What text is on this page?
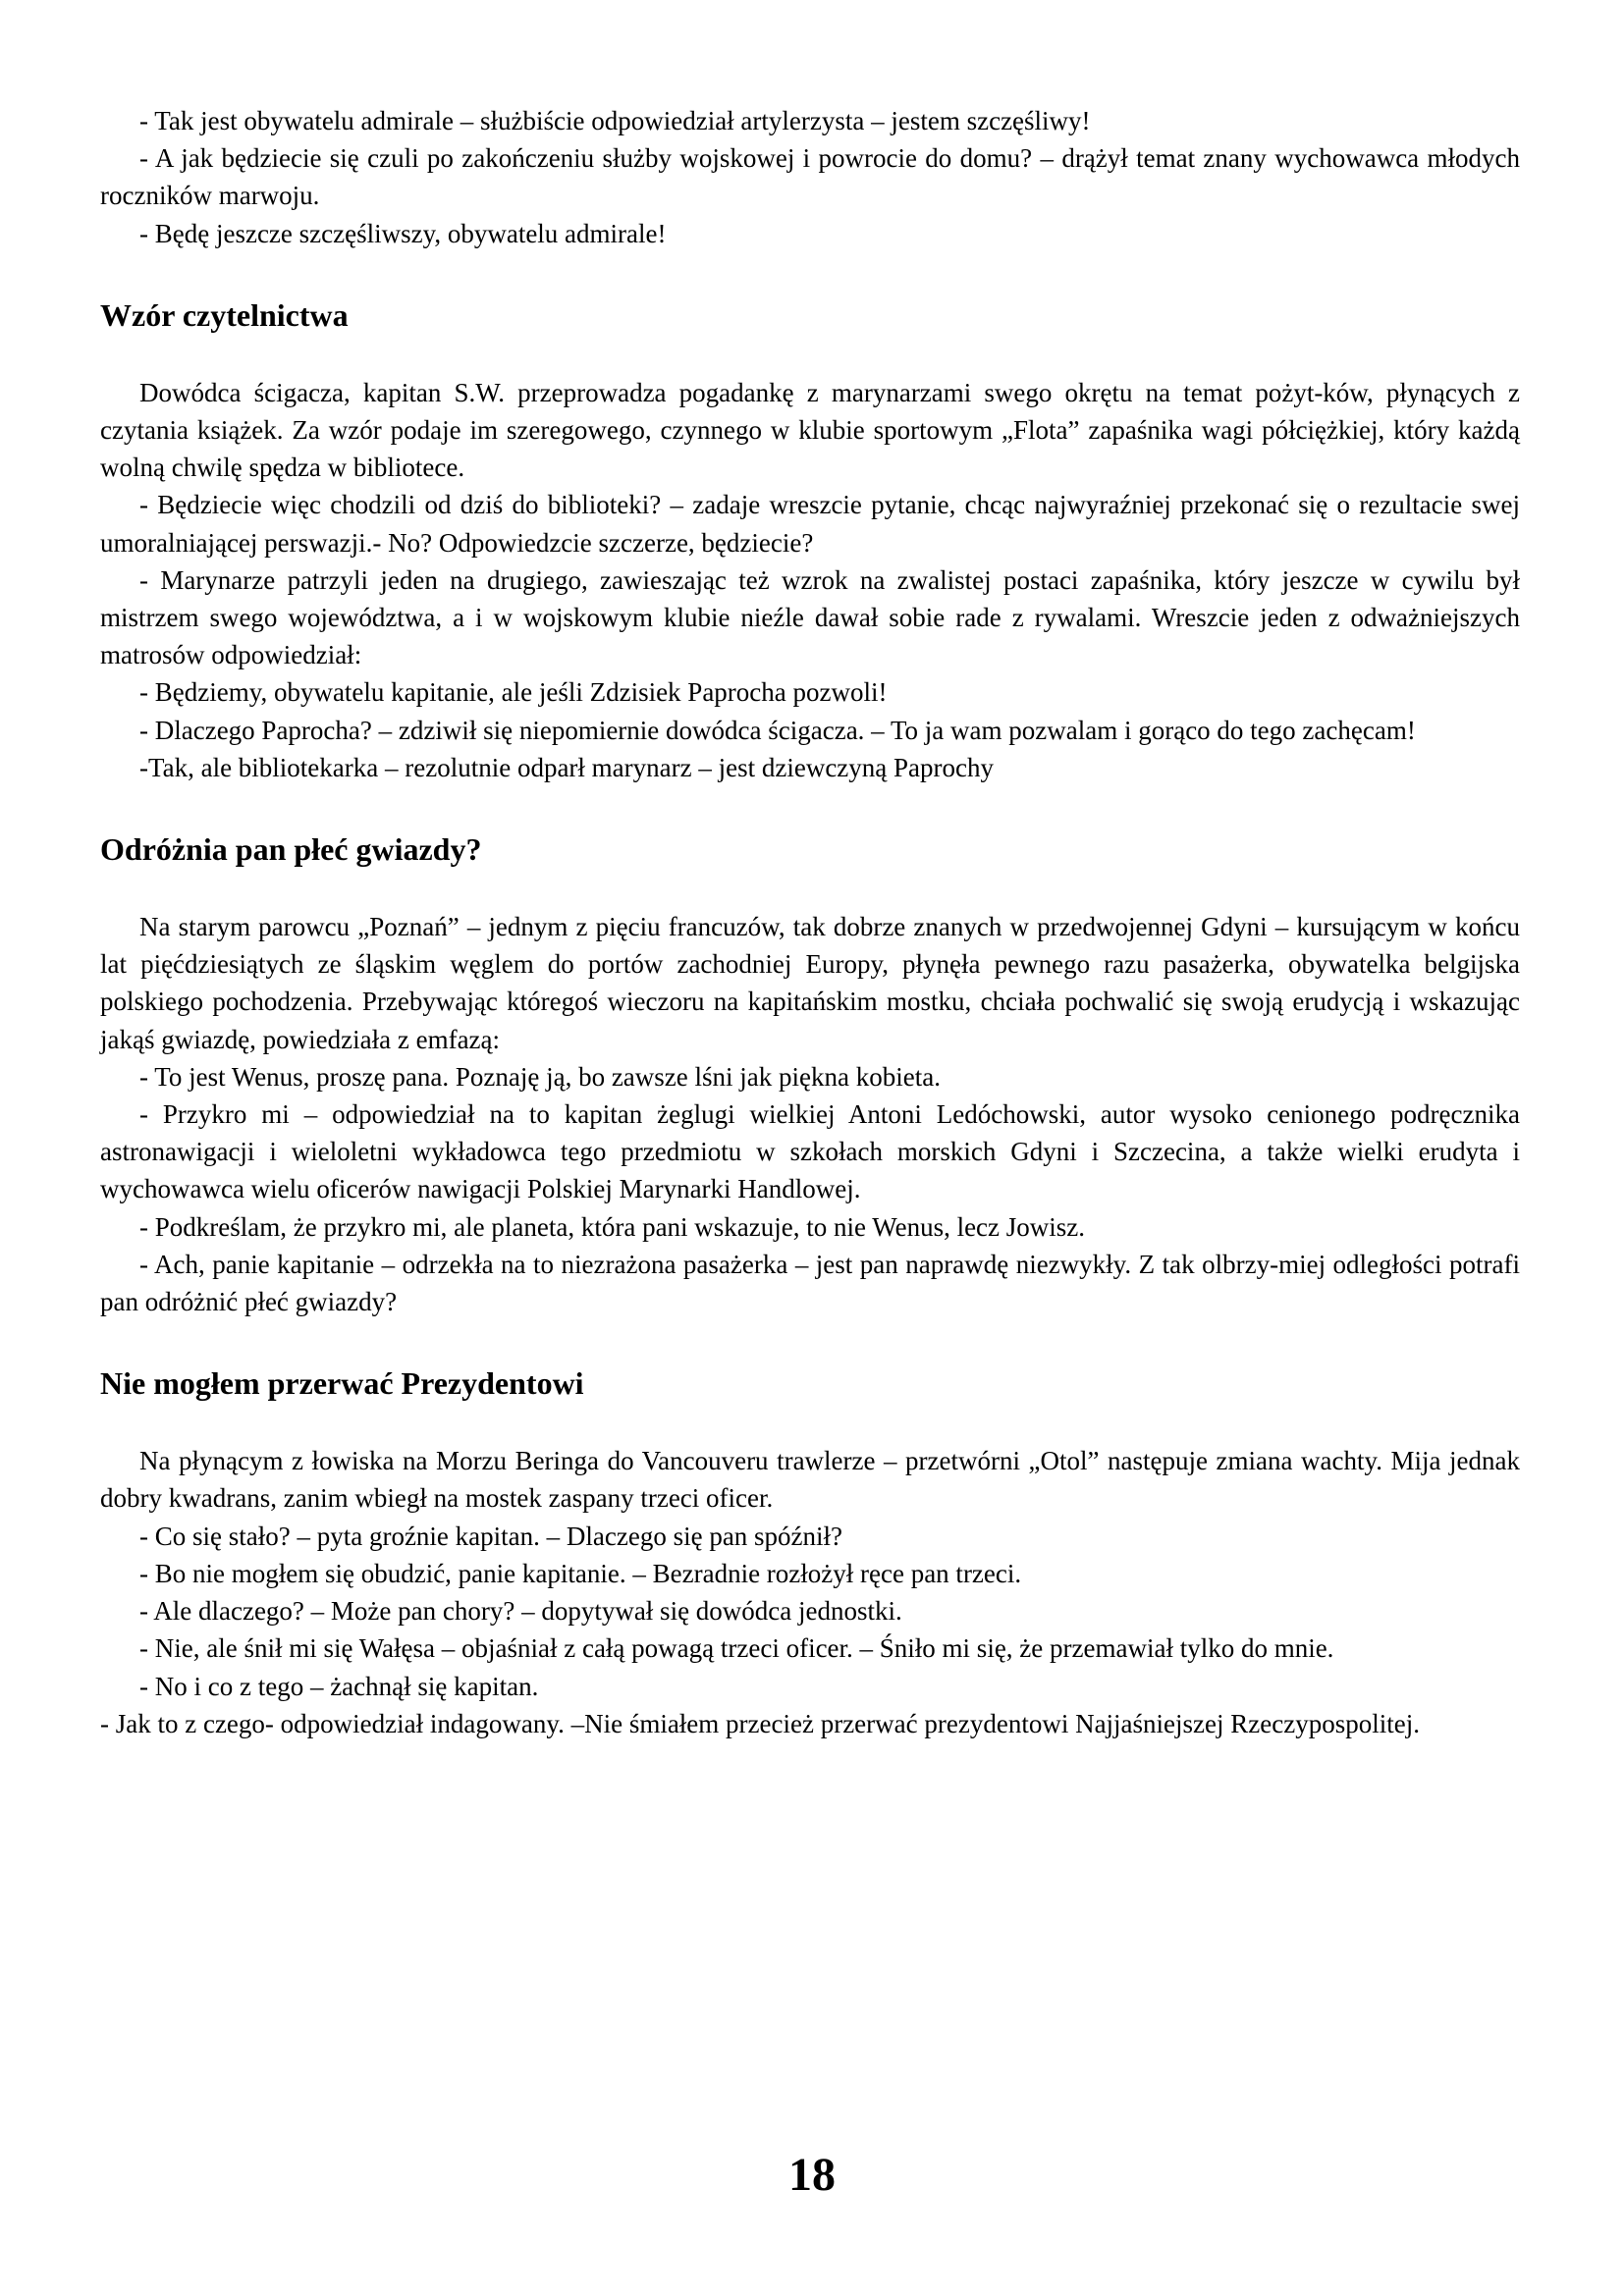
- Tak jest obywatelu admirale – służbiście odpowiedział artylerzysta – jestem szczęśliwy!

- A jak będziecie się czuli po zakończeniu służby wojskowej i powrocie do domu? – drążył temat znany wychowawca młodych roczników marwoju.

- Będę jeszcze szczęśliwszy, obywatelu admirale!

Wzór czytelnictwa

Dowódca ścigacza, kapitan S.W. przeprowadza pogadankę z marynarzami swego okrętu na temat pożyt-ków, płynących z czytania książek. Za wzór podaje im szeregowego, czynnego w klubie sportowym „Flota” zapaśnika wagi półciężkiej, który każdą wolną chwilę spędza w bibliotece.

- Będziecie więc chodzili od dziś do biblioteki? – zadaje wreszcie pytanie, chcąc najwyraźniej przekonać się o rezultacie swej umoralniającej perswazji.- No? Odpowiedzcie szczerze, będziecie?

- Marynarze patrzyli jeden na drugiego, zawieszając też wzrok na zwalistej postaci zapaśnika, który jeszcze w cywilu był mistrzem swego województwa, a i w wojskowym klubie nieźle dawał sobie rade z rywalami. Wreszcie jeden z odważniejszych matrosów odpowiedział:

- Będziemy, obywatelu kapitanie, ale jeśli Zdzisiek Paprocha pozwoli!

- Dlaczego Paprocha? – zdziwił się niepomiernie dowódca ścigacza. – To ja wam pozwalam i gorąco do tego zachęcam!

-Tak, ale bibliotekarka – rezolutnie odparł marynarz – jest dziewczyną Paprochy

Odróżnia pan płeć gwiazdy?

Na starym parowcu „Poznań” – jednym z pięciu francuzów, tak dobrze znanych w przedwojennej Gdyni – kursującym w końcu lat pięćdziesiątych ze śląskim węglem do portów zachodniej Europy, płynęła pewnego razu pasażerka, obywatelka belgijska polskiego pochodzenia. Przebywając któregoś wieczoru na kapitańskim mostku, chciała pochwalić się swoją erudycją i wskazując jakąś gwiazdę, powiedziała z emfazą:

- To jest Wenus, proszę pana. Poznaję ją, bo zawsze lśni jak piękna kobieta.

- Przykro mi – odpowiedział na to kapitan żeglugi wielkiej Antoni Ledóchowski, autor wysoko cenionego podręcznika astronawigacji i wieloletni wykładowca tego przedmiotu w szkołach morskich Gdyni i Szczecina, a także wielki erudyta i wychowawca wielu oficerów nawigacji Polskiej Marynarki Handlowej.

- Podkreślam, że przykro mi, ale planeta, która pani wskazuje, to nie Wenus, lecz Jowisz.

- Ach, panie kapitanie – odrzekła na to niezrażona pasażerka – jest pan naprawdę niezwykły. Z tak olbrzy-miej odległości potrafi pan odróżnić płeć gwiazdy?

Nie mogłem przerwać Prezydentowi

Na płynącym z łowiska na Morzu Beringa do Vancouveru trawlerze – przetwórni „Otol” następuje zmiana wachty. Mija jednak dobry kwadrans, zanim wbiegł na mostek zaspany trzeci oficer.

- Co się stało? – pyta groźnie kapitan. – Dlaczego się pan spóźnił?

- Bo nie mogłem się obudzić, panie kapitanie. – Bezradnie rozłożył ręce pan trzeci.

- Ale dlaczego? – Może pan chory? – dopytywał się dowódca jednostki.

- Nie, ale śnił mi się Wałęsa – objaśniał z całą powagą trzeci oficer. – Śniło mi się, że przemawiał tylko do mnie.

- No i co z tego – żachnął się kapitan.

- Jak to z czego- odpowiedział indagowany. –Nie śmiałem przecież przerwać prezydentowi Najjaśniejszej Rzeczypospolitej.

18
